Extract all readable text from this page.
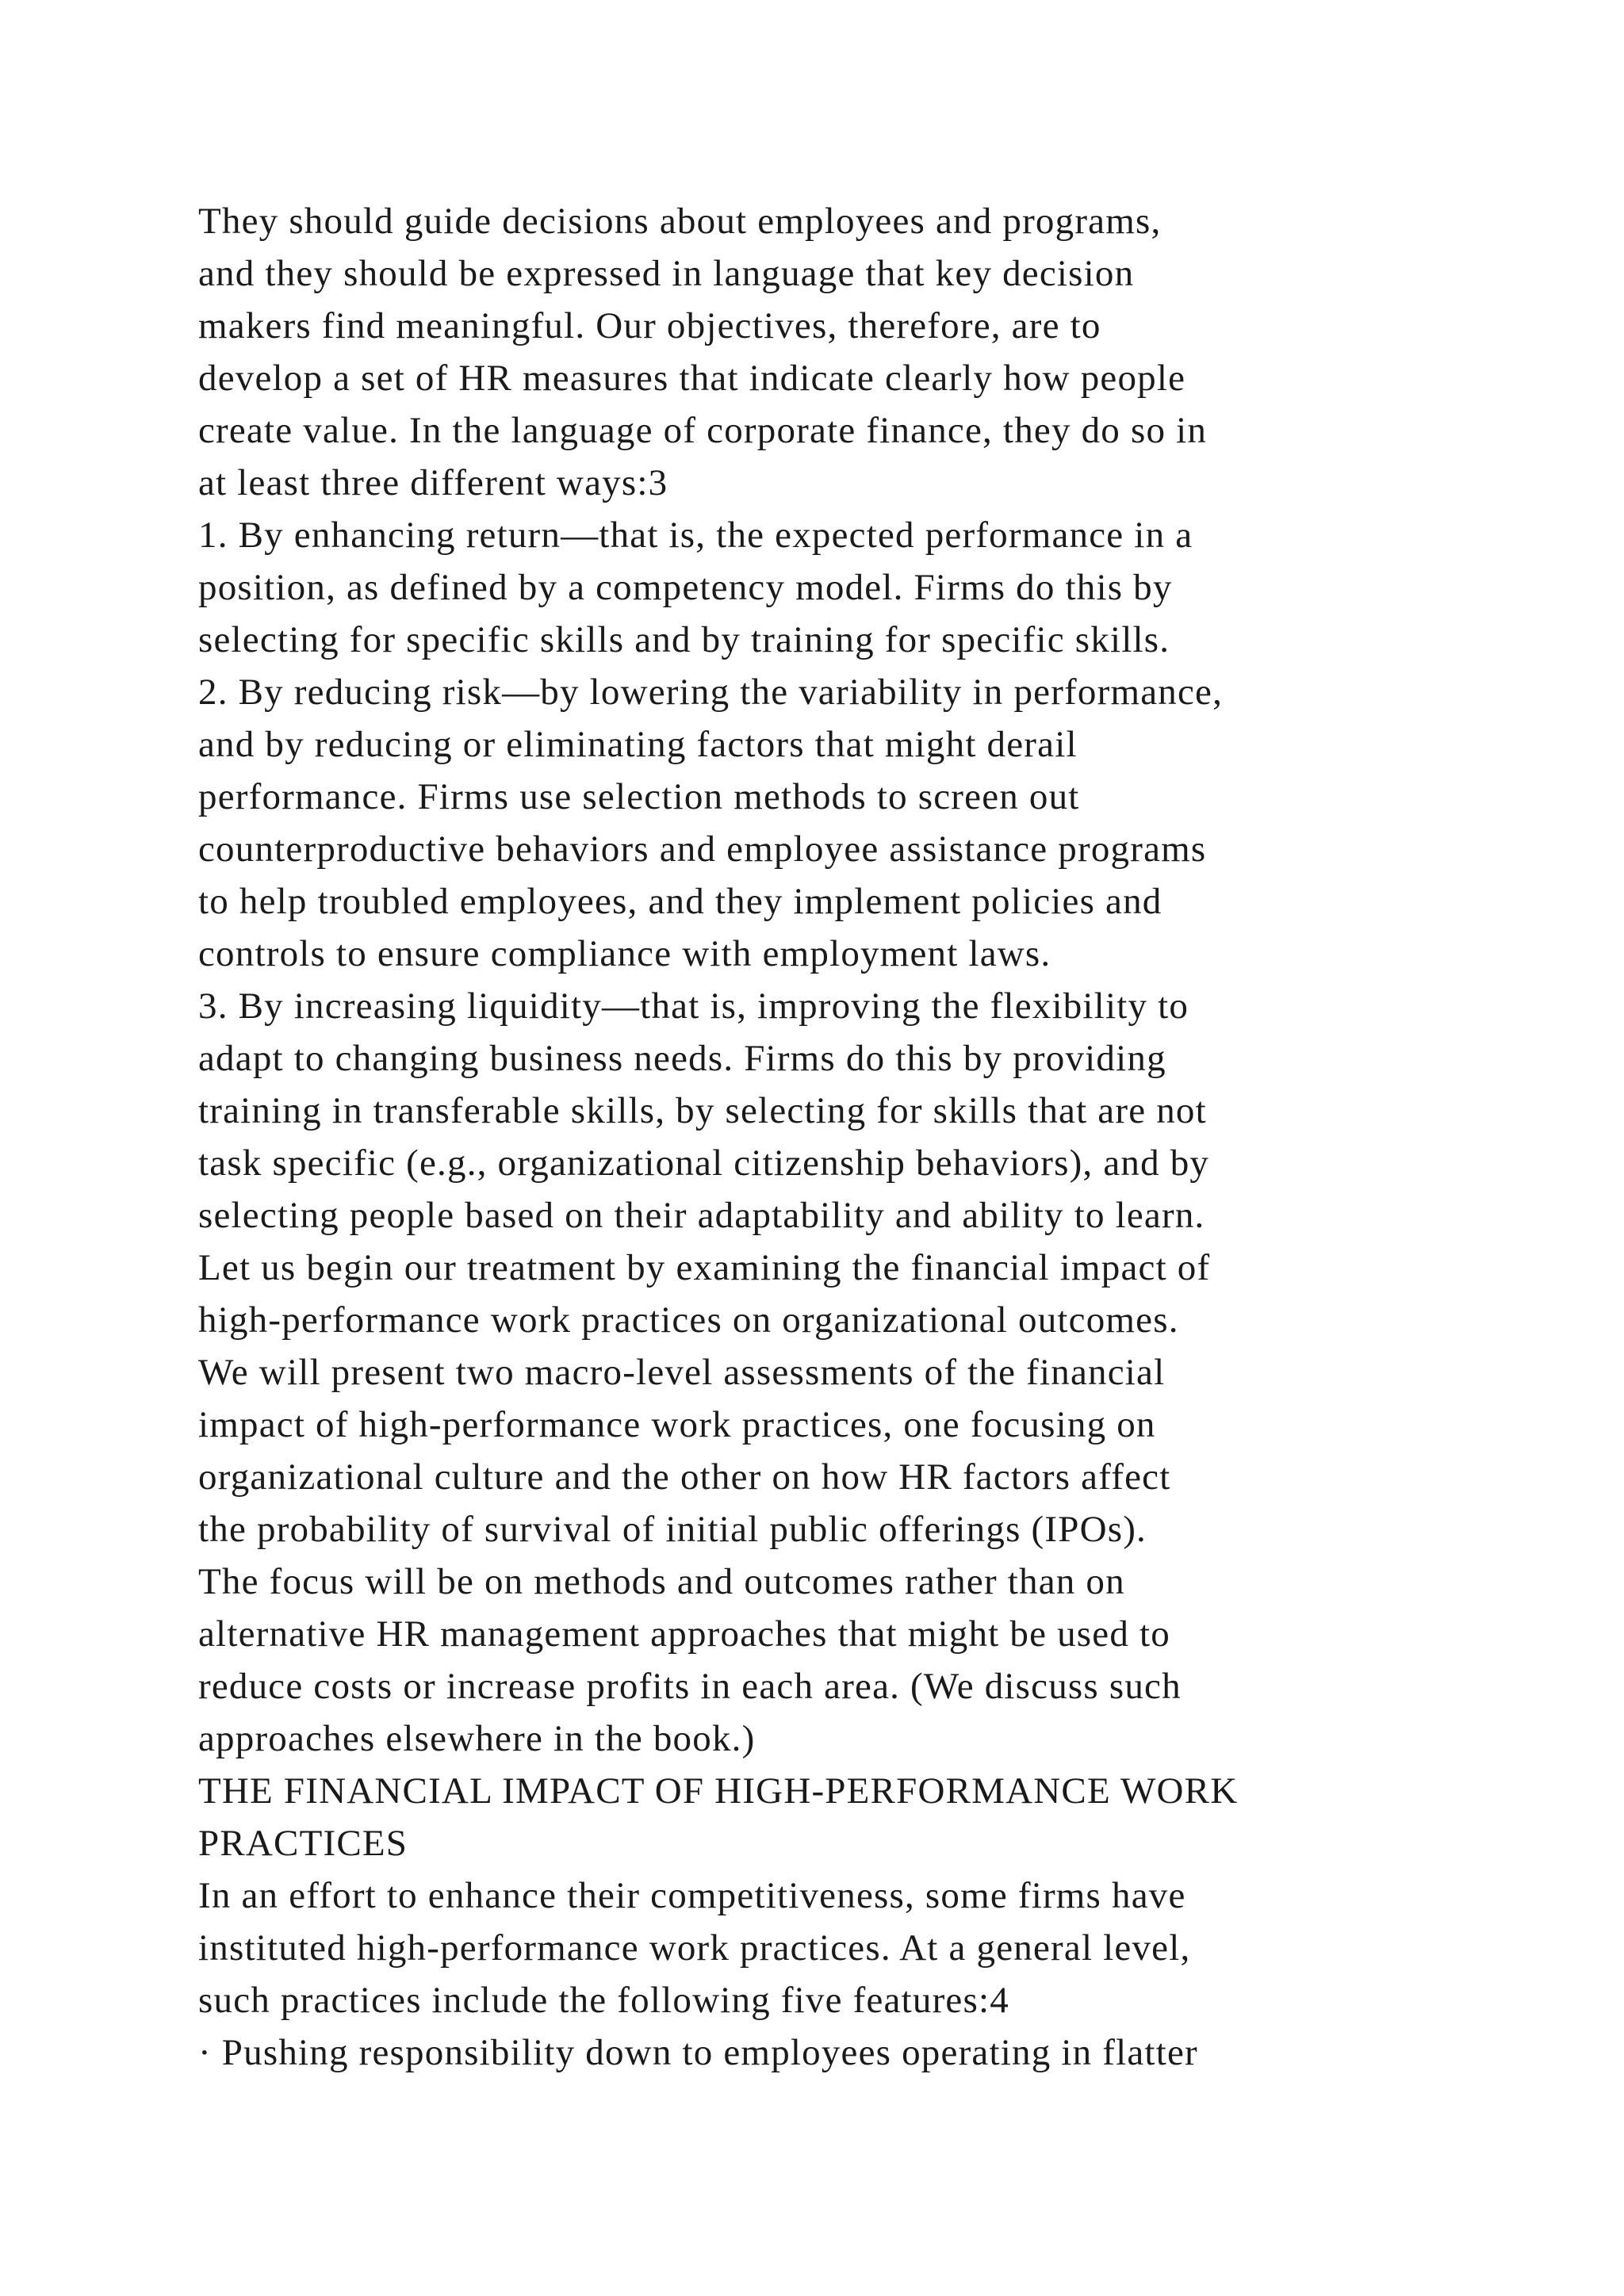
They should guide decisions about employees and programs,
and they should be expressed in language that key decision
makers find meaningful. Our objectives, therefore, are to
develop a set of HR measures that indicate clearly how people
create value. In the language of corporate finance, they do so in
at least three different ways:3
1. By enhancing return—that is, the expected performance in a
position, as defined by a competency model. Firms do this by
selecting for specific skills and by training for specific skills.
2. By reducing risk—by lowering the variability in performance,
and by reducing or eliminating factors that might derail
performance. Firms use selection methods to screen out
counterproductive behaviors and employee assistance programs
to help troubled employees, and they implement policies and
controls to ensure compliance with employment laws.
3. By increasing liquidity—that is, improving the flexibility to
adapt to changing business needs. Firms do this by providing
training in transferable skills, by selecting for skills that are not
task specific (e.g., organizational citizenship behaviors), and by
selecting people based on their adaptability and ability to learn.
Let us begin our treatment by examining the financial impact of
high-performance work practices on organizational outcomes.
We will present two macro-level assessments of the financial
impact of high-performance work practices, one focusing on
organizational culture and the other on how HR factors affect
the probability of survival of initial public offerings (IPOs).
The focus will be on methods and outcomes rather than on
alternative HR management approaches that might be used to
reduce costs or increase profits in each area. (We discuss such
approaches elsewhere in the book.)
THE FINANCIAL IMPACT OF HIGH-PERFORMANCE WORK
PRACTICES
In an effort to enhance their competitiveness, some firms have
instituted high-performance work practices. At a general level,
such practices include the following five features:4
· Pushing responsibility down to employees operating in flatter
